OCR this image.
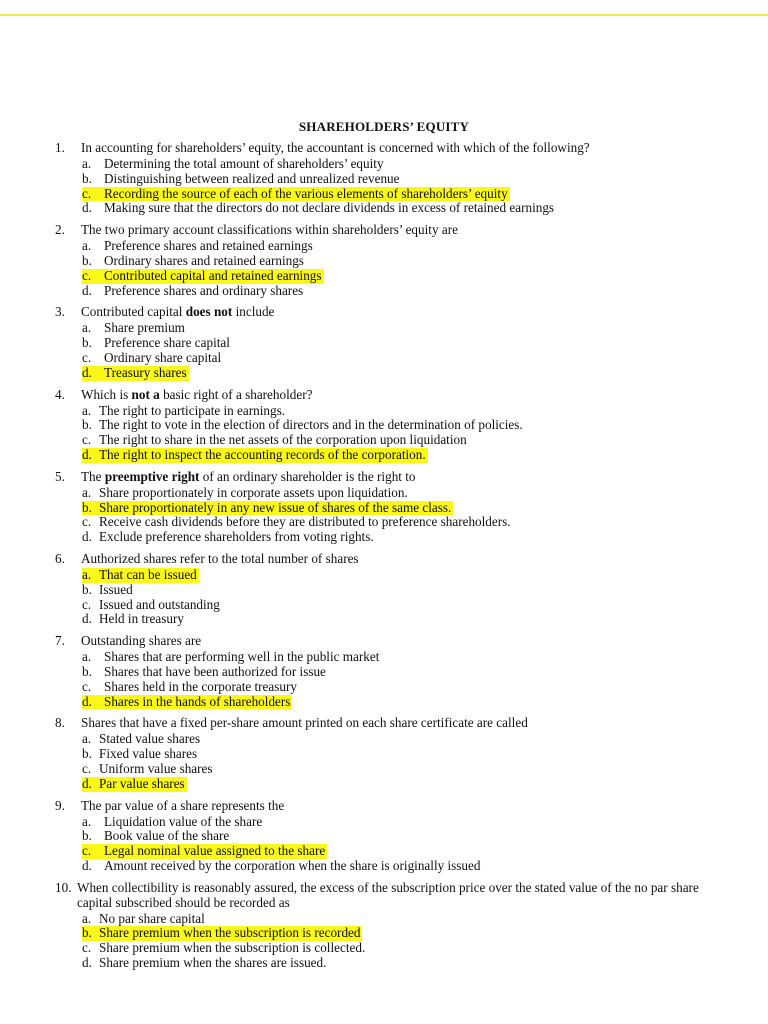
SHAREHOLDERS’ EQUITY
1. In accounting for shareholders’ equity, the accountant is concerned with which of the following?
a. Determining the total amount of shareholders’ equity
b. Distinguishing between realized and unrealized revenue
c. Recording the source of each of the various elements of shareholders’ equity
d. Making sure that the directors do not declare dividends in excess of retained earnings
2. The two primary account classifications within shareholders’ equity are
a. Preference shares and retained earnings
b. Ordinary shares and retained earnings
c. Contributed capital and retained earnings
d. Preference shares and ordinary shares
3. Contributed capital does not include
a. Share premium
b. Preference share capital
c. Ordinary share capital
d. Treasury shares
4. Which is not a basic right of a shareholder?
a. The right to participate in earnings.
b. The right to vote in the election of directors and in the determination of policies.
c. The right to share in the net assets of the corporation upon liquidation
d. The right to inspect the accounting records of the corporation.
5. The preemptive right of an ordinary shareholder is the right to
a. Share proportionately in corporate assets upon liquidation.
b. Share proportionately in any new issue of shares of the same class.
c. Receive cash dividends before they are distributed to preference shareholders.
d. Exclude preference shareholders from voting rights.
6. Authorized shares refer to the total number of shares
a. That can be issued
b. Issued
c. Issued and outstanding
d. Held in treasury
7. Outstanding shares are
a. Shares that are performing well in the public market
b. Shares that have been authorized for issue
c. Shares held in the corporate treasury
d. Shares in the hands of shareholders
8. Shares that have a fixed per-share amount printed on each share certificate are called
a. Stated value shares
b. Fixed value shares
c. Uniform value shares
d. Par value shares
9. The par value of a share represents the
a. Liquidation value of the share
b. Book value of the share
c. Legal nominal value assigned to the share
d. Amount received by the corporation when the share is originally issued
10. When collectibility is reasonably assured, the excess of the subscription price over the stated value of the no par share capital subscribed should be recorded as
a. No par share capital
b. Share premium when the subscription is recorded
c. Share premium when the subscription is collected.
d. Share premium when the shares are issued.
